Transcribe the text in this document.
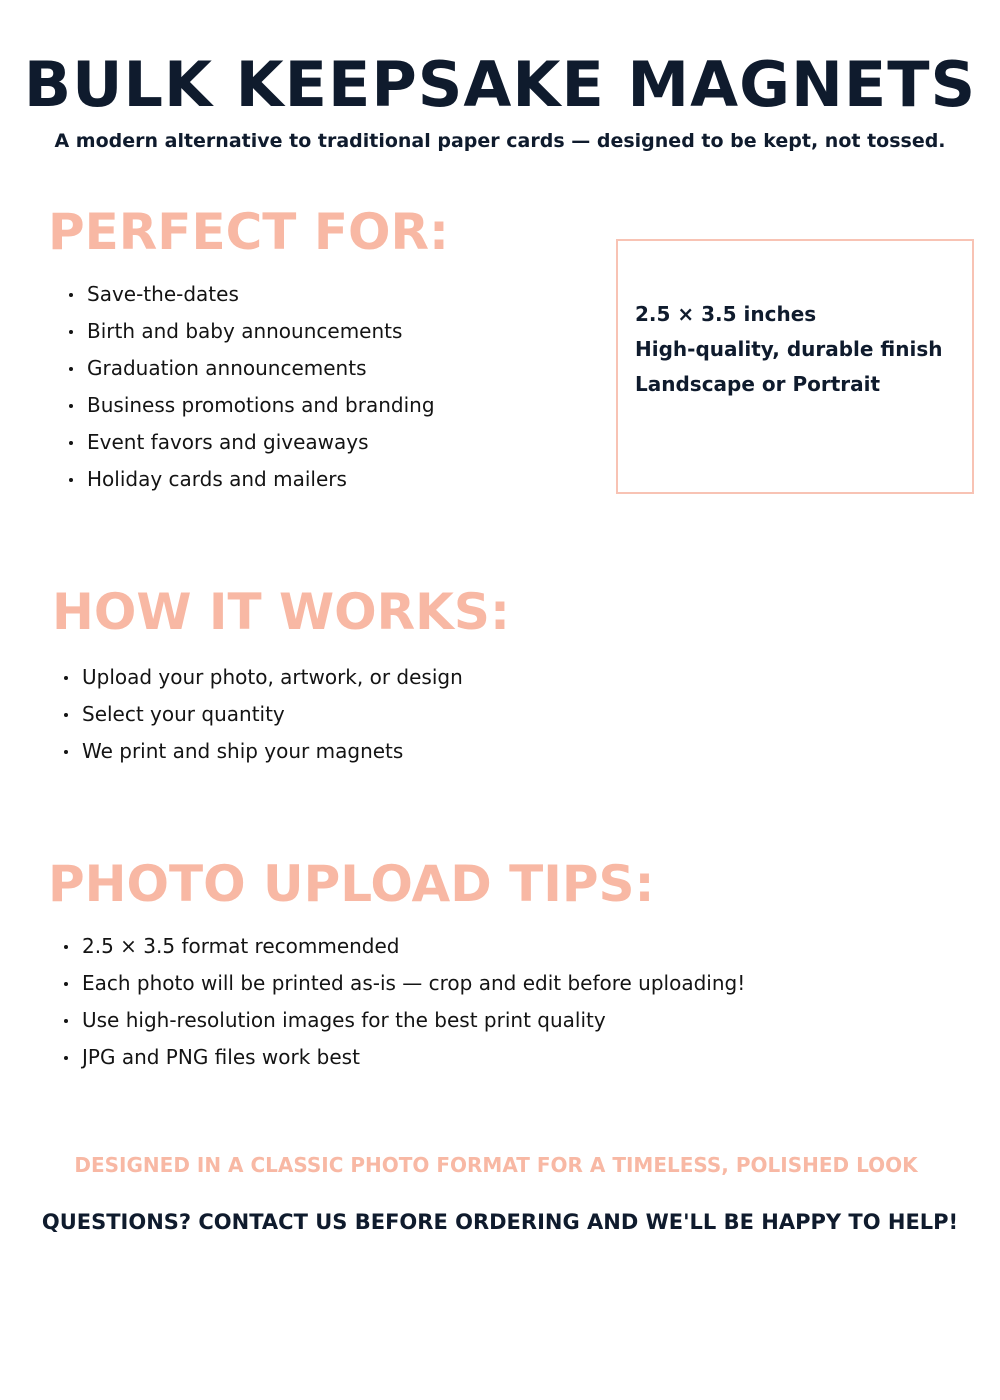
BULK KEEPSAKE MAGNETS
A modern alternative to traditional paper cards — designed to be kept, not tossed.
PERFECT FOR:
Save-the-dates
Birth and baby announcements
Graduation announcements
Business promotions and branding
Event favors and giveaways
Holiday cards and mailers
2.5 × 3.5 inches
High-quality, durable finish
Landscape or Portrait
HOW IT WORKS:
Upload your photo, artwork, or design
Select your quantity
We print and ship your magnets
PHOTO UPLOAD TIPS:
2.5 × 3.5 format recommended
Each photo will be printed as-is — crop and edit before uploading!
Use high-resolution images for the best print quality
JPG and PNG files work best
DESIGNED IN A CLASSIC PHOTO FORMAT FOR A TIMELESS, POLISHED LOOK
QUESTIONS? CONTACT US BEFORE ORDERING AND WE'LL BE HAPPY TO HELP!
